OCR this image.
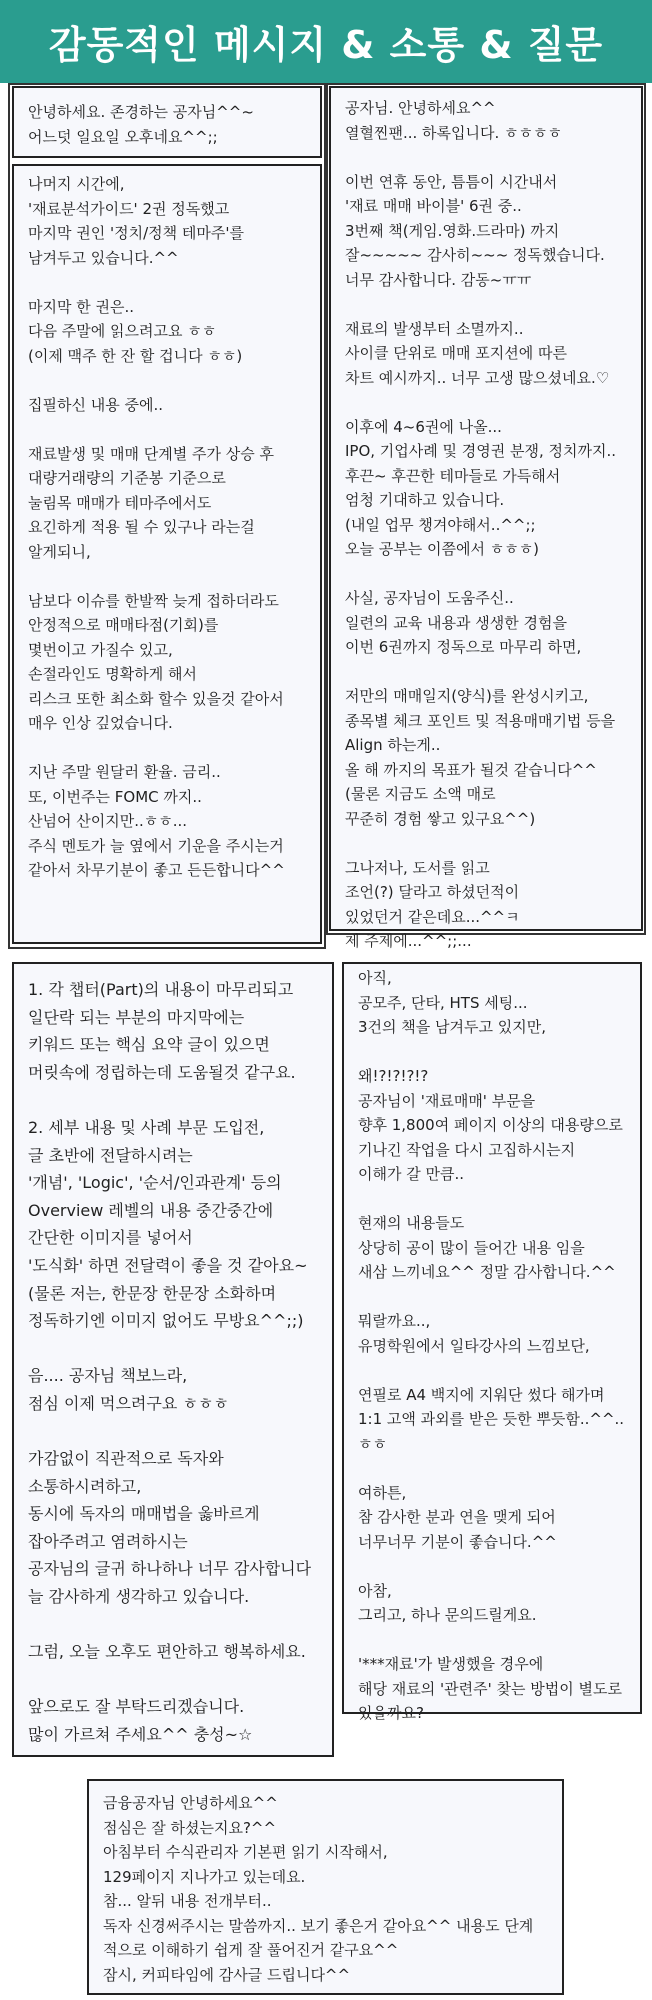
감동적인 메시지 & 소통 & 질문

안녕하세요. 존경하는 공자님^^~
어느덧 일요일 오후네요^^;;

나머지 시간에,
'재료분석가이드' 2권 정독했고
마지막 권인 '정치/정책 테마주'를
남겨두고 있습니다.^^

마지막 한 권은..
다음 주말에 읽으려고요 ㅎㅎ
(이제 맥주 한 잔 할 겁니다 ㅎㅎ)

집필하신 내용 중에..

재료발생 및 매매 단계별 주가 상승 후
대량거래량의 기준봉 기준으로
눌림목 매매가 테마주에서도
요긴하게 적용 될 수 있구나 라는걸
알게되니,

남보다 이슈를 한발짝 늦게 접하더라도
안정적으로 매매타점(기회)를
몇번이고 가질수 있고,
손절라인도 명확하게 해서
리스크 또한 최소화 할수 있을것 같아서
매우 인상 깊었습니다.

지난 주말 원달러 환율. 금리..
또, 이번주는 FOMC 까지..
산넘어 산이지만..ㅎㅎ...
주식 멘토가 늘 옆에서 기운을 주시는거
같아서 차무기분이 좋고 든든합니다^^

공자님. 안녕하세요^^
열혈찐팬... 하록입니다. ㅎㅎㅎㅎ

이번 연휴 동안, 틈틈이 시간내서
'재료 매매 바이블' 6권 중..
3번째 책(게임.영화.드라마) 까지
잘~~~~~ 감사히~~~ 정독했습니다.
너무 감사합니다. 감동~ㅠㅠ

재료의 발생부터 소멸까지..
사이클 단위로 매매 포지션에 따른
차트 예시까지.. 너무 고생 많으셨네요.♡

이후에 4~6권에 나올...
IPO, 기업사례 및 경영권 분쟁, 정치까지..
후끈~ 후끈한 테마들로 가득해서
엄청 기대하고 있습니다.
(내일 업무 챙겨야해서..^^;;
오늘 공부는 이쯤에서 ㅎㅎㅎ)

사실, 공자님이 도움주신..
일련의 교육 내용과 생생한 경험을
이번 6권까지 정독으로 마무리 하면,

저만의 매매일지(양식)를 완성시키고,
종목별 체크 포인트 및 적용매매기법 등을
Align 하는게..
올 해 까지의 목표가 될것 같습니다^^
(물론 지금도 소액 매로
꾸준히 경험 쌓고 있구요^^)

그나저나, 도서를 읽고
조언(?) 달라고 하셨던적이
있었던거 같은데요...^^ㅋ
제 주제에...^^;;...

1. 각 챕터(Part)의 내용이 마무리되고
일단락 되는 부분의 마지막에는
키워드 또는 핵심 요약 글이 있으면
머릿속에 정립하는데 도움될것 같구요.

2. 세부 내용 및 사례 부문 도입전,
글 초반에 전달하시려는
'개념', 'Logic', '순서/인과관계' 등의
Overview 레벨의 내용 중간중간에
간단한 이미지를 넣어서
'도식화' 하면 전달력이 좋을 것 같아요~
(물론 저는, 한문장 한문장 소화하며
정독하기엔 이미지 없어도 무방요^^;;)

음.... 공자님 책보느라,
점심 이제 먹으려구요 ㅎㅎㅎ

가감없이 직관적으로 독자와
소통하시려하고,
동시에 독자의 매매법을 옳바르게
잡아주려고 염려하시는
공자님의 글귀 하나하나 너무 감사합니다
늘 감사하게 생각하고 있습니다.

그럼, 오늘 오후도 편안하고 행복하세요.

앞으로도 잘 부탁드리겠습니다.
많이 가르쳐 주세요^^ 충성~☆

아직,
공모주, 단타, HTS 세팅...
3건의 책을 남겨두고 있지만,

왜!?!?!?!?
공자님이 '재료매매' 부문을
향후 1,800여 페이지 이상의 대용량으로
기나긴 작업을 다시 고집하시는지
이해가 갈 만큼..

현재의 내용들도
상당히 공이 많이 들어간 내용 임을
새삼 느끼네요^^ 정말 감사합니다.^^

뭐랄까요..,
유명학원에서 일타강사의 느낌보단,

연필로 A4 백지에 지워단 썼다 해가며
1:1 고액 과외를 받은 듯한 뿌듯함..^^..ㅎㅎ

여하튼,
참 감사한 분과 연을 맺게 되어
너무너무 기분이 좋습니다.^^

아참,
그리고, 하나 문의드릴게요.

'***재료'가 발생했을 경우에
해당 재료의 '관련주' 찾는 방법이 별도로
있을까요?

금융공자님 안녕하세요^^
점심은 잘 하셨는지요?^^
아침부터 수식관리자 기본편 읽기 시작해서,
129페이지 지나가고 있는데요.
참... 알뒤 내용 전개부터..
독자 신경써주시는 말씀까지.. 보기 좋은거 같아요^^ 내용도 단계
적으로 이해하기 쉽게 잘 풀어진거 같구요^^
잠시, 커피타임에 감사글 드립니다^^
